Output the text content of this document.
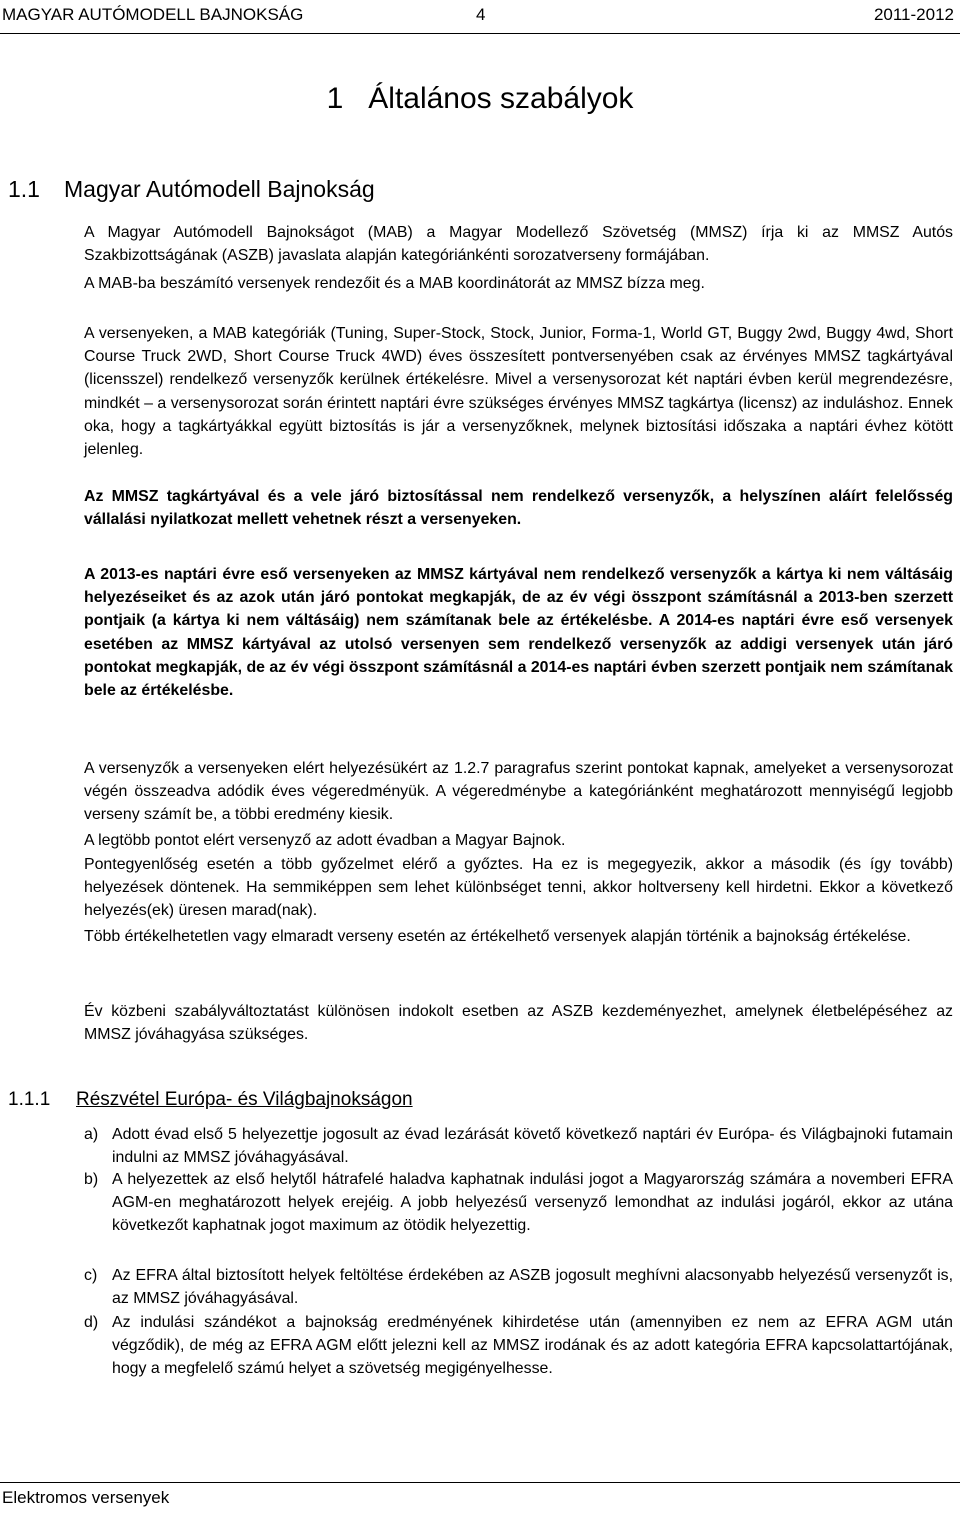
MAGYAR AUTÓMODELL BAJNOKSÁG	4	2011-2012
1   Általános szabályok
1.1 Magyar Autómodell Bajnokság

A Magyar Autómodell Bajnokságot (MAB) a Magyar Modellező Szövetség (MMSZ) írja ki az MMSZ Autós Szakbizottságának (ASZB) javaslata alapján kategóriánkénti sorozatverseny formájában.

A MAB-ba beszámító versenyek rendezőit és a MAB koordinátorát az MMSZ bízza meg.

A versenyeken, a MAB kategóriák (Tuning, Super-Stock, Stock, Junior, Forma-1, World GT, Buggy 2wd, Buggy 4wd, Short Course Truck 2WD, Short Course Truck 4WD) éves összesített pontversenyében csak az érvényes MMSZ tagkártyával (licensszel) rendelkező versenyzők kerülnek értékelésre. Mivel a versenysorozat két naptári évben kerül megrendezésre, mindkét – a versenysorozat során érintett naptári évre szükséges érvényes MMSZ tagkártya (licensz) az induláshoz. Ennek oka, hogy a tagkártyákkal együtt biztosítás is jár a versenyzőknek, melynek biztosítási időszaka a naptári évhez kötött jelenleg.

Az MMSZ tagkártyával és a vele járó biztosítással nem rendelkező versenyzők, a helyszínen aláírt felelősség vállalási nyilatkozat mellett vehetnek részt a versenyeken.

A 2013-es naptári évre eső versenyeken az MMSZ kártyával nem rendelkező versenyzők a kártya ki nem váltásáig helyezéseiket és az azok után járó pontokat megkapják, de az év végi összpont számításnál a 2013-ben szerzett pontjaik (a kártya ki nem váltásáig) nem számítanak bele az értékelésbe. A 2014-es naptári évre eső versenyek esetében az MMSZ kártyával az utolsó versenyen sem rendelkező versenyzők az addigi versenyek után járó pontokat megkapják, de az év végi összpont számításnál a 2014-es naptári évben szerzett pontjaik nem számítanak bele az értékelésbe.

A versenyzők a versenyeken elért helyezésükért az 1.2.7 paragrafus szerint pontokat kapnak, amelyeket a versenysorozat végén összeadva adódik éves végeredményük. A végeredménybe a kategóriánként meghatározott mennyiségű legjobb verseny számít be, a többi eredmény kiesik.

A legtöbb pontot elért versenyző az adott évadban a Magyar Bajnok.

Pontegyenlőség esetén a több győzelmet elérő a győztes. Ha ez is megegyezik, akkor a második (és így tovább) helyezések döntenek. Ha semmiképpen sem lehet különbséget tenni, akkor holtverseny kell hirdetni. Ekkor a következő helyezés(ek) üresen marad(nak).

Több értékelhetetlen vagy elmaradt verseny esetén az értékelhető versenyek alapján történik a bajnokság értékelése.

Év közbeni szabályváltoztatást különösen indokolt esetben az ASZB kezdeményezhet, amelynek életbelépéséhez az MMSZ jóváhagyása szükséges.

1.1.1 Részvétel Európa- és Világbajnokságon
a) Adott évad első 5 helyezettje jogosult az évad lezárását követő következő naptári év Európa- és Világbajnoki futamain indulni az MMSZ jóváhagyásával.
b) A helyezettek az első helytől hátrafelé haladva kaphatnak indulási jogot a Magyarország számára a novemberi EFRA AGM-en meghatározott helyek erejéig. A jobb helyezésű versenyző lemondhat az indulási jogáról, ekkor az utána következőt kaphatnak jogot maximum az ötödik helyezettig.
c) Az EFRA által biztosított helyek feltöltése érdekében az ASZB jogosult meghívni alacsonyabb helyezésű versenyzőt is, az MMSZ jóváhagyásával.
d) Az indulási szándékot a bajnokság eredményének kihirdetése után (amennyiben ez nem az EFRA AGM után végződik), de még az EFRA AGM előtt jelezni kell az MMSZ irodának és az adott kategória EFRA kapcsolattartójának, hogy a megfelelő számú helyet a szövetség megigényelhesse.
Elektromos versenyek
